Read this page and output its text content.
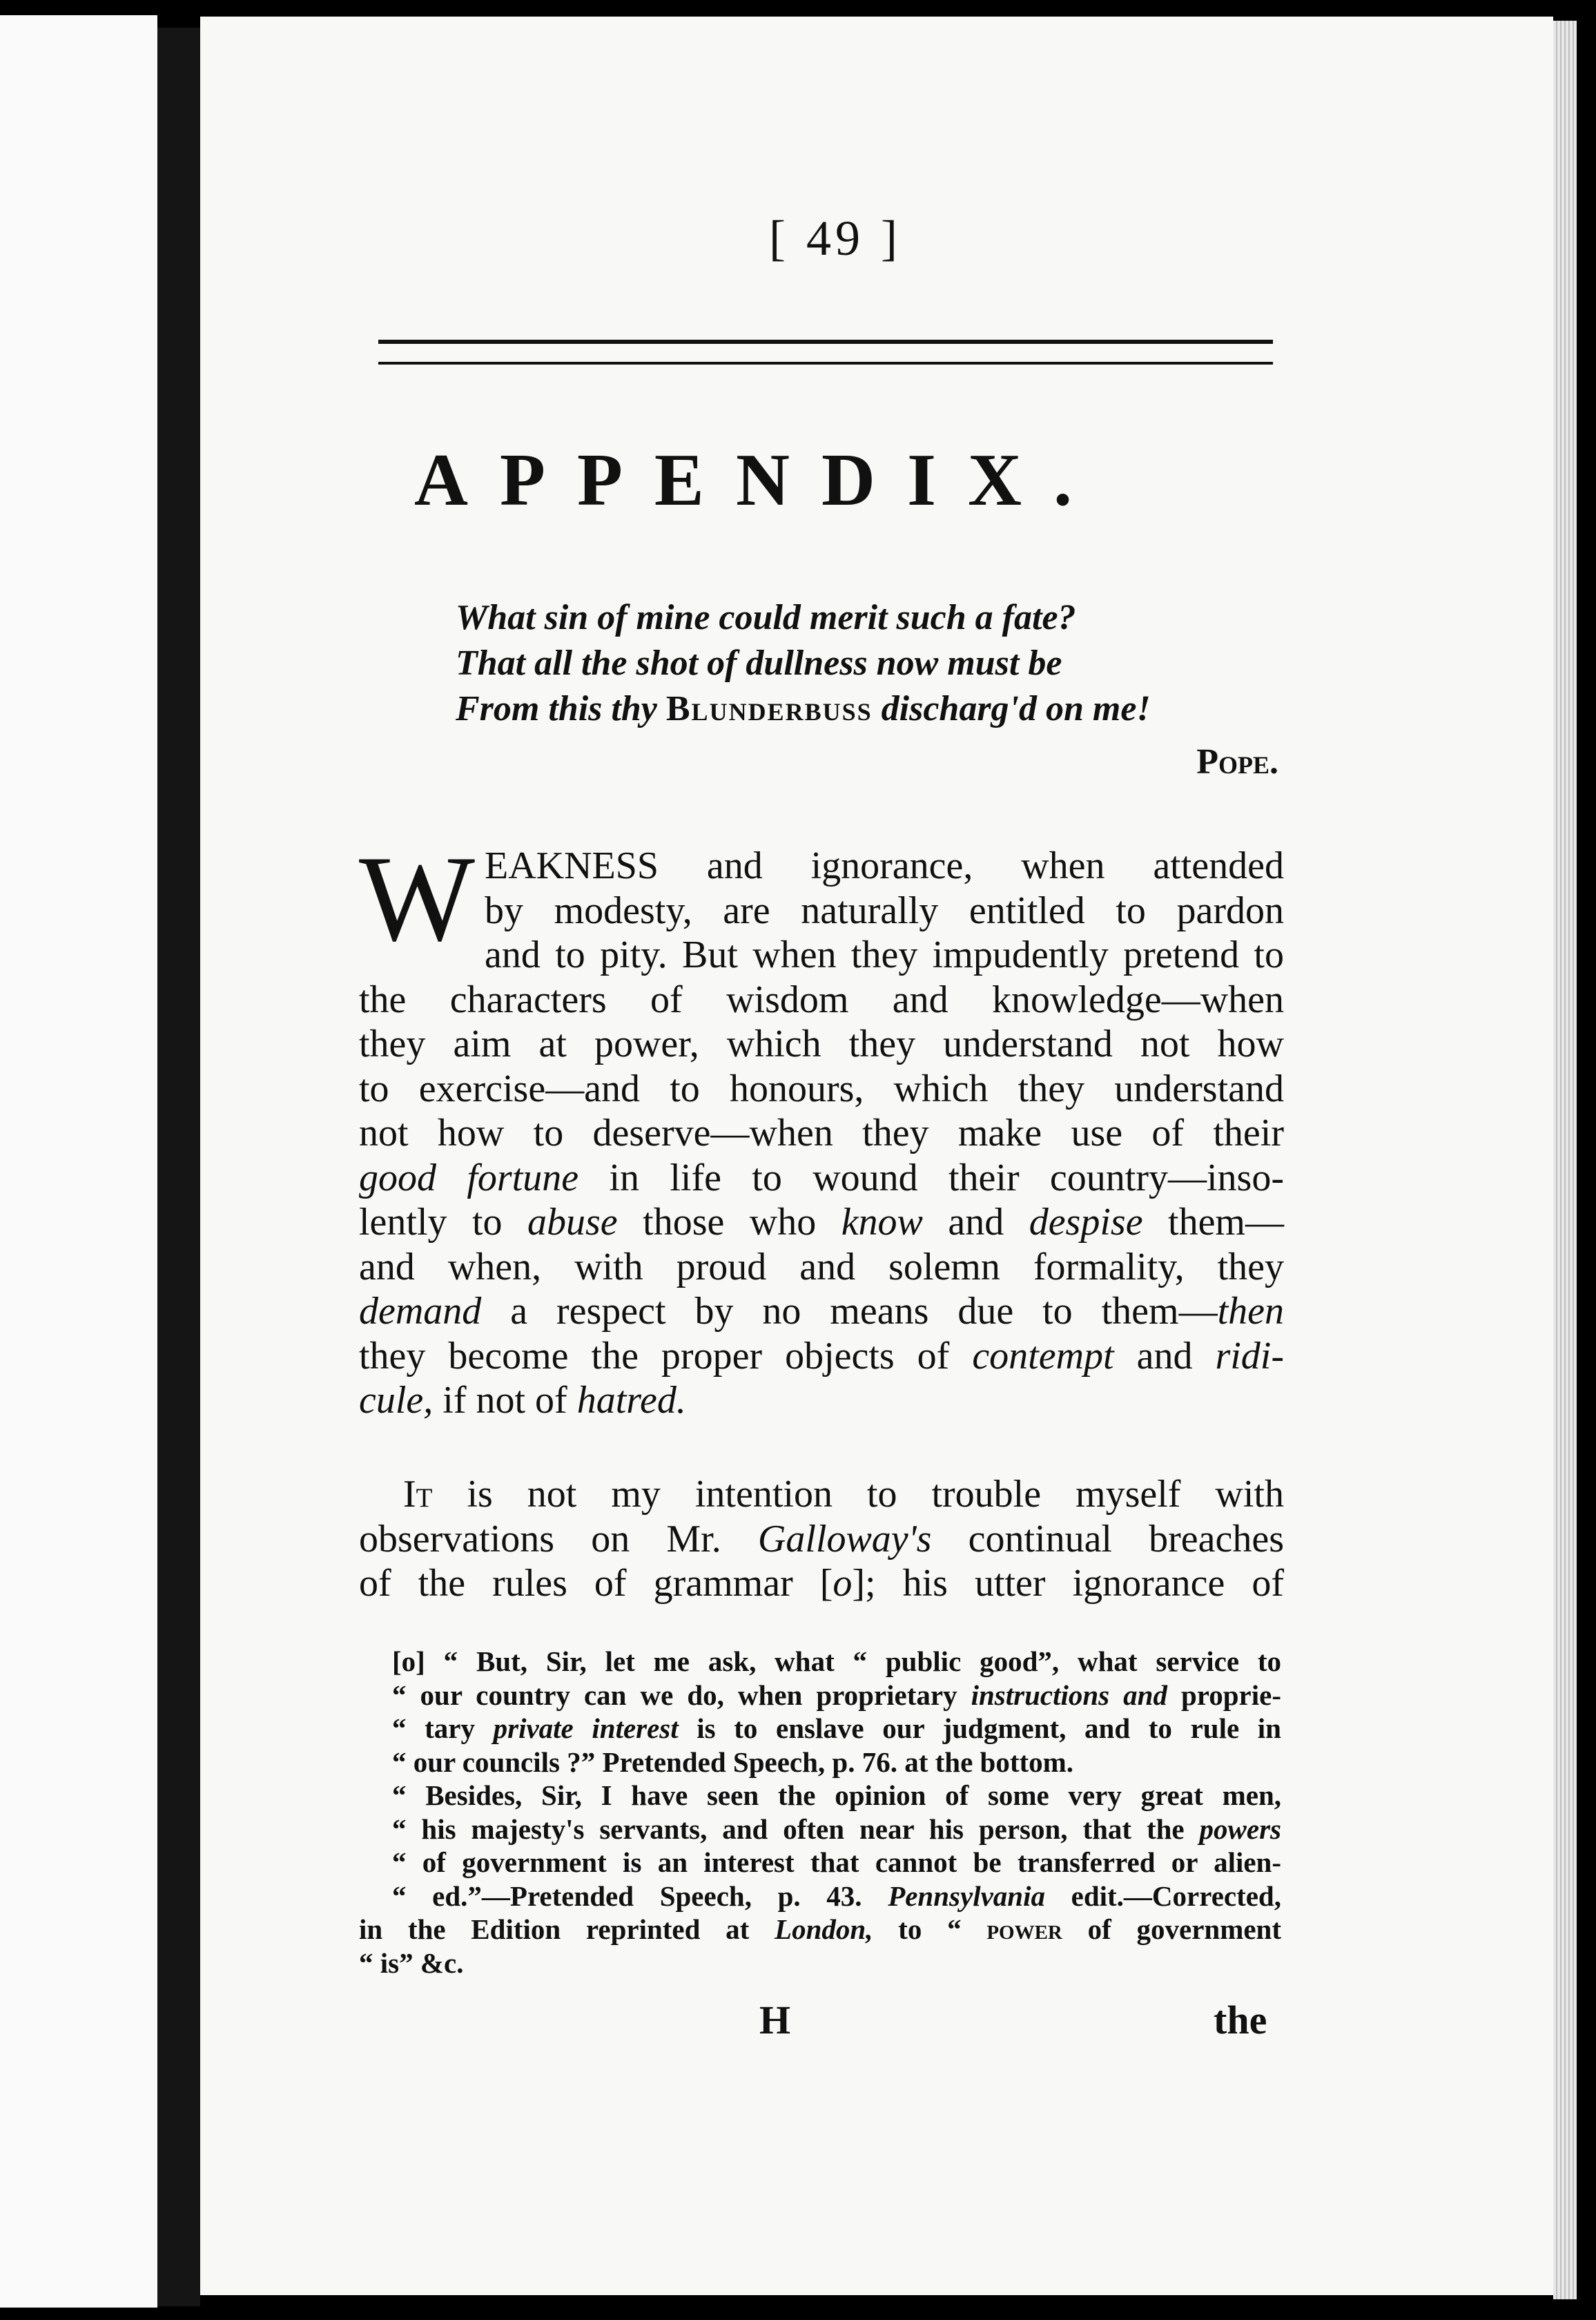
[ 49 ]
APPENDIX.
What sin of mine could merit such a fate?
That all the shot of dullness now must be
From this thy Blunderbuss discharg'd on me!
Pope.
W EAKNESS and ignorance, when attended
by modesty, are naturally entitled to pardon
and to pity. But when they impudently pretend to
the characters of wisdom and knowledge—when
they aim at power, which they understand not how
to exercise—and to honours, which they understand
not how to deserve—when they make use of their
good fortune in life to wound their country—inso-
lently to abuse those who know and despise them—
and when, with proud and solemn formality, they
demand a respect by no means due to them—then
they become the proper objects of contempt and ridi-
cule, if not of hatred.
It is not my intention to trouble myself with
observations on Mr. Galloway's continual breaches
of the rules of grammar [o]; his utter ignorance of
[o] “ But, Sir, let me ask, what “ public good”, what service to
“ our country can we do, when proprietary instructions and proprie-
“ tary private interest is to enslave our judgment, and to rule in
“ our councils ?” Pretended Speech, p. 76. at the bottom.
“ Besides, Sir, I have seen the opinion of some very great men,
“ his majesty's servants, and often near his person, that the powers
“ of government is an interest that cannot be transferred or alien-
“ ed.”—Pretended Speech, p. 43. Pennsylvania edit.—Corrected,
in the Edition reprinted at London, to “ power of government
“ is” &c.
H	the
